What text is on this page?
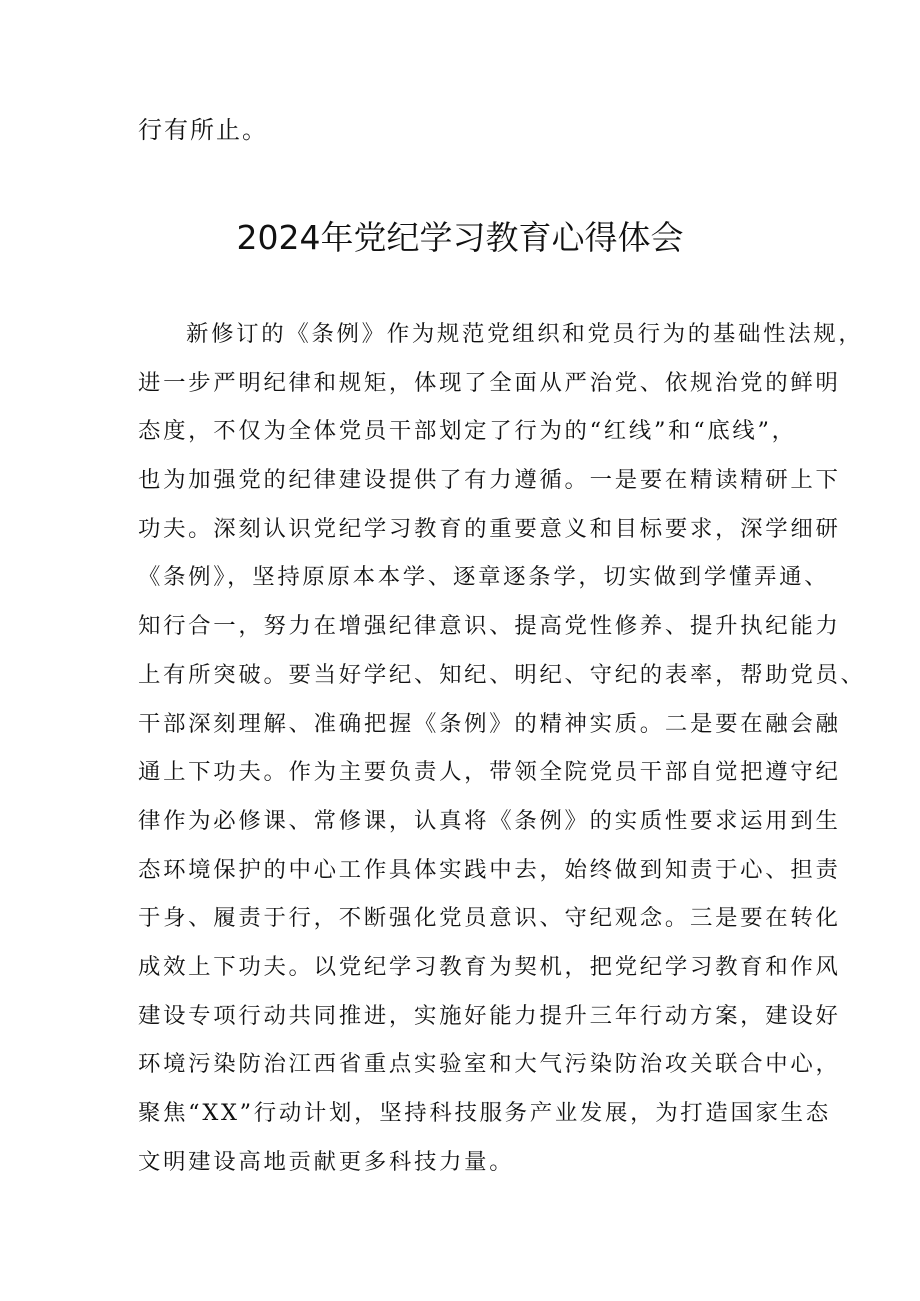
行有所止。

2024年党纪学习教育心得体会
新修订的《条例》作为规范党组织和党员行为的基础性法规，
进一步严明纪律和规矩，体现了全面从严治党、依规治党的鲜明
态度，不仅为全体党员干部划定了行为的“红线”和“底线”，
也为加强党的纪律建设提供了有力遵循。一是要在精读精研上下
功夫。深刻认识党纪学习教育的重要意义和目标要求，深学细研
《条例》，坚持原原本本学、逐章逐条学，切实做到学懂弄通、
知行合一，努力在增强纪律意识、提高党性修养、提升执纪能力
上有所突破。要当好学纪、知纪、明纪、守纪的表率，帮助党员、
干部深刻理解、准确把握《条例》的精神实质。二是要在融会融
通上下功夫。作为主要负责人，带领全院党员干部自觉把遵守纪
律作为必修课、常修课，认真将《条例》的实质性要求运用到生
态环境保护的中心工作具体实践中去，始终做到知责于心、担责
于身、履责于行，不断强化党员意识、守纪观念。三是要在转化
成效上下功夫。以党纪学习教育为契机，把党纪学习教育和作风
建设专项行动共同推进，实施好能力提升三年行动方案，建设好
环境污染防治江西省重点实验室和大气污染防治攻关联合中心，
聚焦“XX”行动计划，坚持科技服务产业发展，为打造国家生态
文明建设高地贡献更多科技力量。
